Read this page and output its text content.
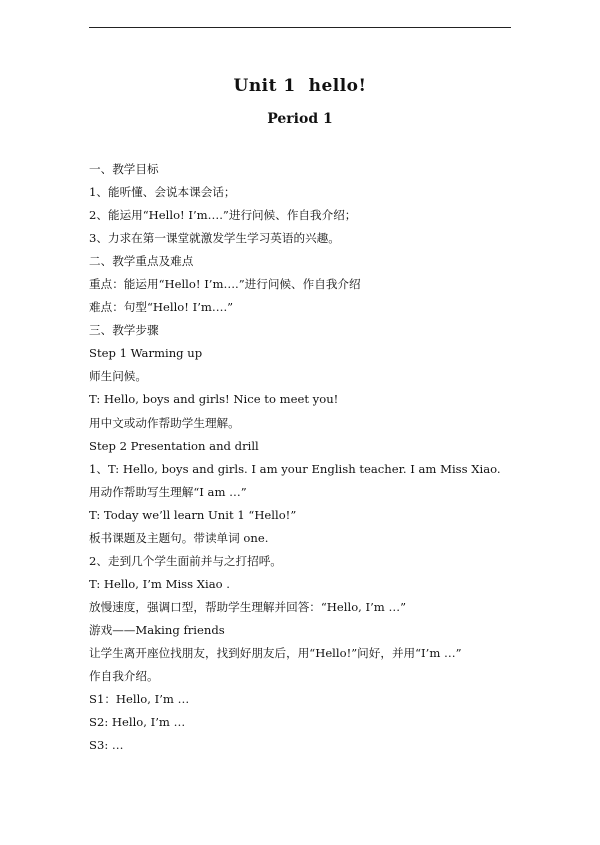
Unit 1  hello!
Period 1
一、教学目标
1、能听懂、会说本课会话；
2、能运用“Hello! I’m….”进行问候、作自我介绍；
3、力求在第一课堂就激发学生学习英语的兴趣。
二、教学重点及难点
重点：能运用“Hello! I’m….”进行问候、作自我介绍
难点：句型“Hello! I’m….”
三、教学步骤
Step 1 Warming up
师生问候。
T: Hello, boys and girls! Nice to meet you!
用中文或动作帮助学生理解。
Step 2 Presentation and drill
1、T: Hello, boys and girls. I am your English teacher. I am Miss Xiao.
用动作帮助写生理解“I am …”
T: Today we’ll learn Unit 1 “Hello!”
板书课题及主题句。带读单词 one.
2、走到几个学生面前并与之打招呼。
T: Hello, I’m Miss Xiao .
放慢速度，强调口型，帮助学生理解并回答：“Hello, I’m …”
游戏——Making friends
让学生离开座位找朋友，找到好朋友后，用“Hello!”问好，并用“I’m …”
作自我介绍。
S1：Hello, I’m …
S2: Hello, I’m …
S3: …
